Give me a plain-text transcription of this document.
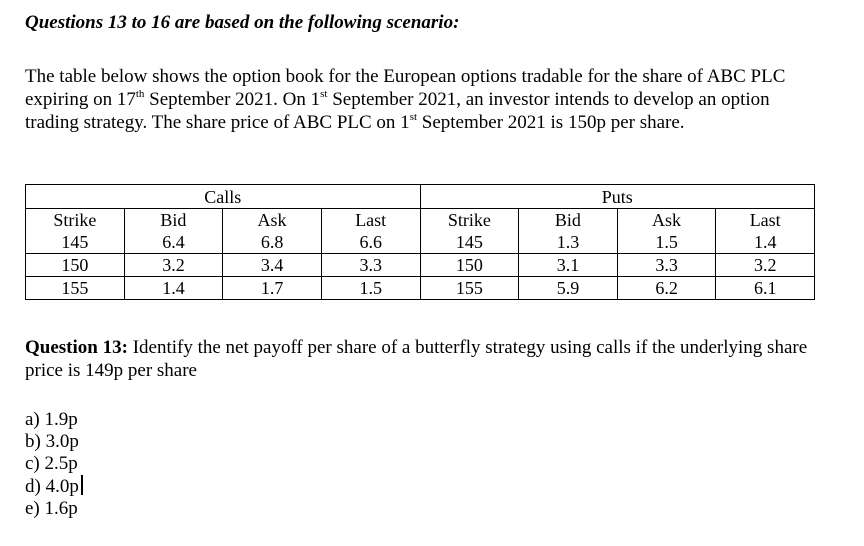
Questions 13 to 16 are based on the following scenario:

The table below shows the option book for the European options tradable for the share of ABC PLC expiring on 17th September 2021. On 1st September 2021, an investor intends to develop an option trading strategy. The share price of ABC PLC on 1st September 2021 is 150p per share.

Calls				Puts			
Strike	Bid	Ask	Last	Strike	Bid	Ask	Last
145	6.4	6.8	6.6	145	1.3	1.5	1.4
150	3.2	3.4	3.3	150	3.1	3.3	3.2
155	1.4	1.7	1.5	155	5.9	6.2	6.1

Question 13: Identify the net payoff per share of a butterfly strategy using calls if the underlying share price is 149p per share

a) 1.9p
b) 3.0p
c) 2.5p
d) 4.0p
e) 1.6p
